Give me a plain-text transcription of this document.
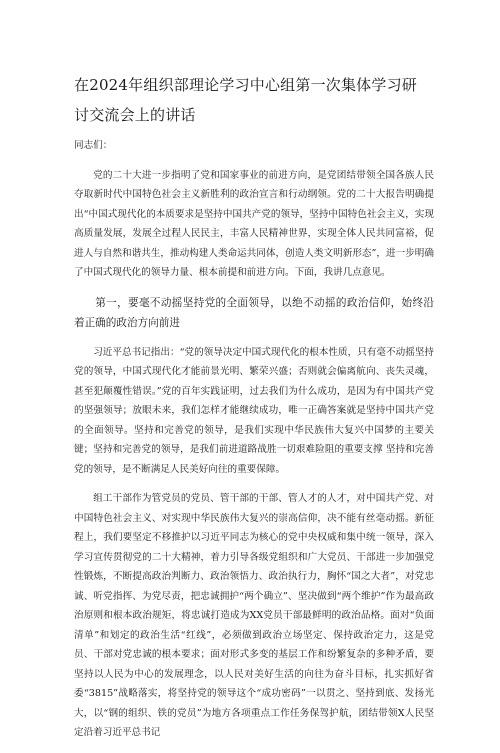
在2024年组织部理论学习中心组第一次集体学习研讨交流会上的讲话

同志们：

党的二十大进一步指明了党和国家事业的前进方向，是党团结带领全国各族人民夺取新时代中国特色社会主义新胜利的政治宣言和行动纲领。党的二十大报告明确提出“中国式现代化的本质要求是坚持中国共产党的领导，坚持中国特色社会主义，实现高质量发展，发展全过程人民民主，丰富人民精神世界，实现全体人民共同富裕，促进人与自然和谐共生，推动构建人类命运共同体，创造人类文明新形态”，进一步明确了中国式现代化的领导力量、根本前提和前进方向。下面，我讲几点意见。

第一，要毫不动摇坚持党的全面领导，以绝不动摇的政治信仰，始终沿着正确的政治方向前进

习近平总书记指出：“党的领导决定中国式现代化的根本性质，只有毫不动摇坚持党的领导，中国式现代化才能前景光明、繁荣兴盛；否则就会偏离航向、丧失灵魂，甚至犯颠覆性错误。”党的百年实践证明，过去我们为什么成功，是因为有中国共产党的坚强领导；放眼未来，我们怎样才能继续成功，唯一正确答案就是坚持中国共产党的全面领导。坚持和完善党的领导，是我们实现中华民族伟大复兴中国梦的主要关键；坚持和完善党的领导，是我们前进道路战胜一切艰难险阻的重要支撑 坚持和完善党的领导，是不断满足人民美好向往的重要保障。

组工干部作为管党员的党员、管干部的干部、管人才的人才，对中国共产党、对中国特色社会主义、对实现中华民族伟大复兴的崇高信仰，决不能有丝毫动摇。新征程上，我们要坚定不移推护以习近平同志为核心的党中央权威和集中统一领导，深入学习宣传贯彻党的二十大精神，着力引导各级党组织和广大党员、干部进一步加强党性锻炼，不断提高政治判断力、政治领悟力、政治执行力，胸怀“国之大者”，对党忠诚、听党指挥、为党尽责，把忠诚拥护“两个确立”、坚决做到“两个维护”作为最高政治原则和根本政治规矩，将忠诚打造成为XX党员干部最鲜明的政治品格。面对“负面清单”和划定的政治生活“红线”，必须做到政治立场坚定、保持政治定力，这是党员、干部对党忠诚的根本要求；面对形式多变的基层工作和纷繁复杂的多种矛盾，要坚持以人民为中心的发展理念，以人民对美好生活的向往为奋斗目标，扎实抓好省委“3815”战略落实，将坚持党的领导这个“成功密码”一以贯之、坚持到底、发扬光大，以“钢的组织、铁的党员”为地方各项重点工作任务保驾护航，团结带领X人民坚定沿着习近平总书记
